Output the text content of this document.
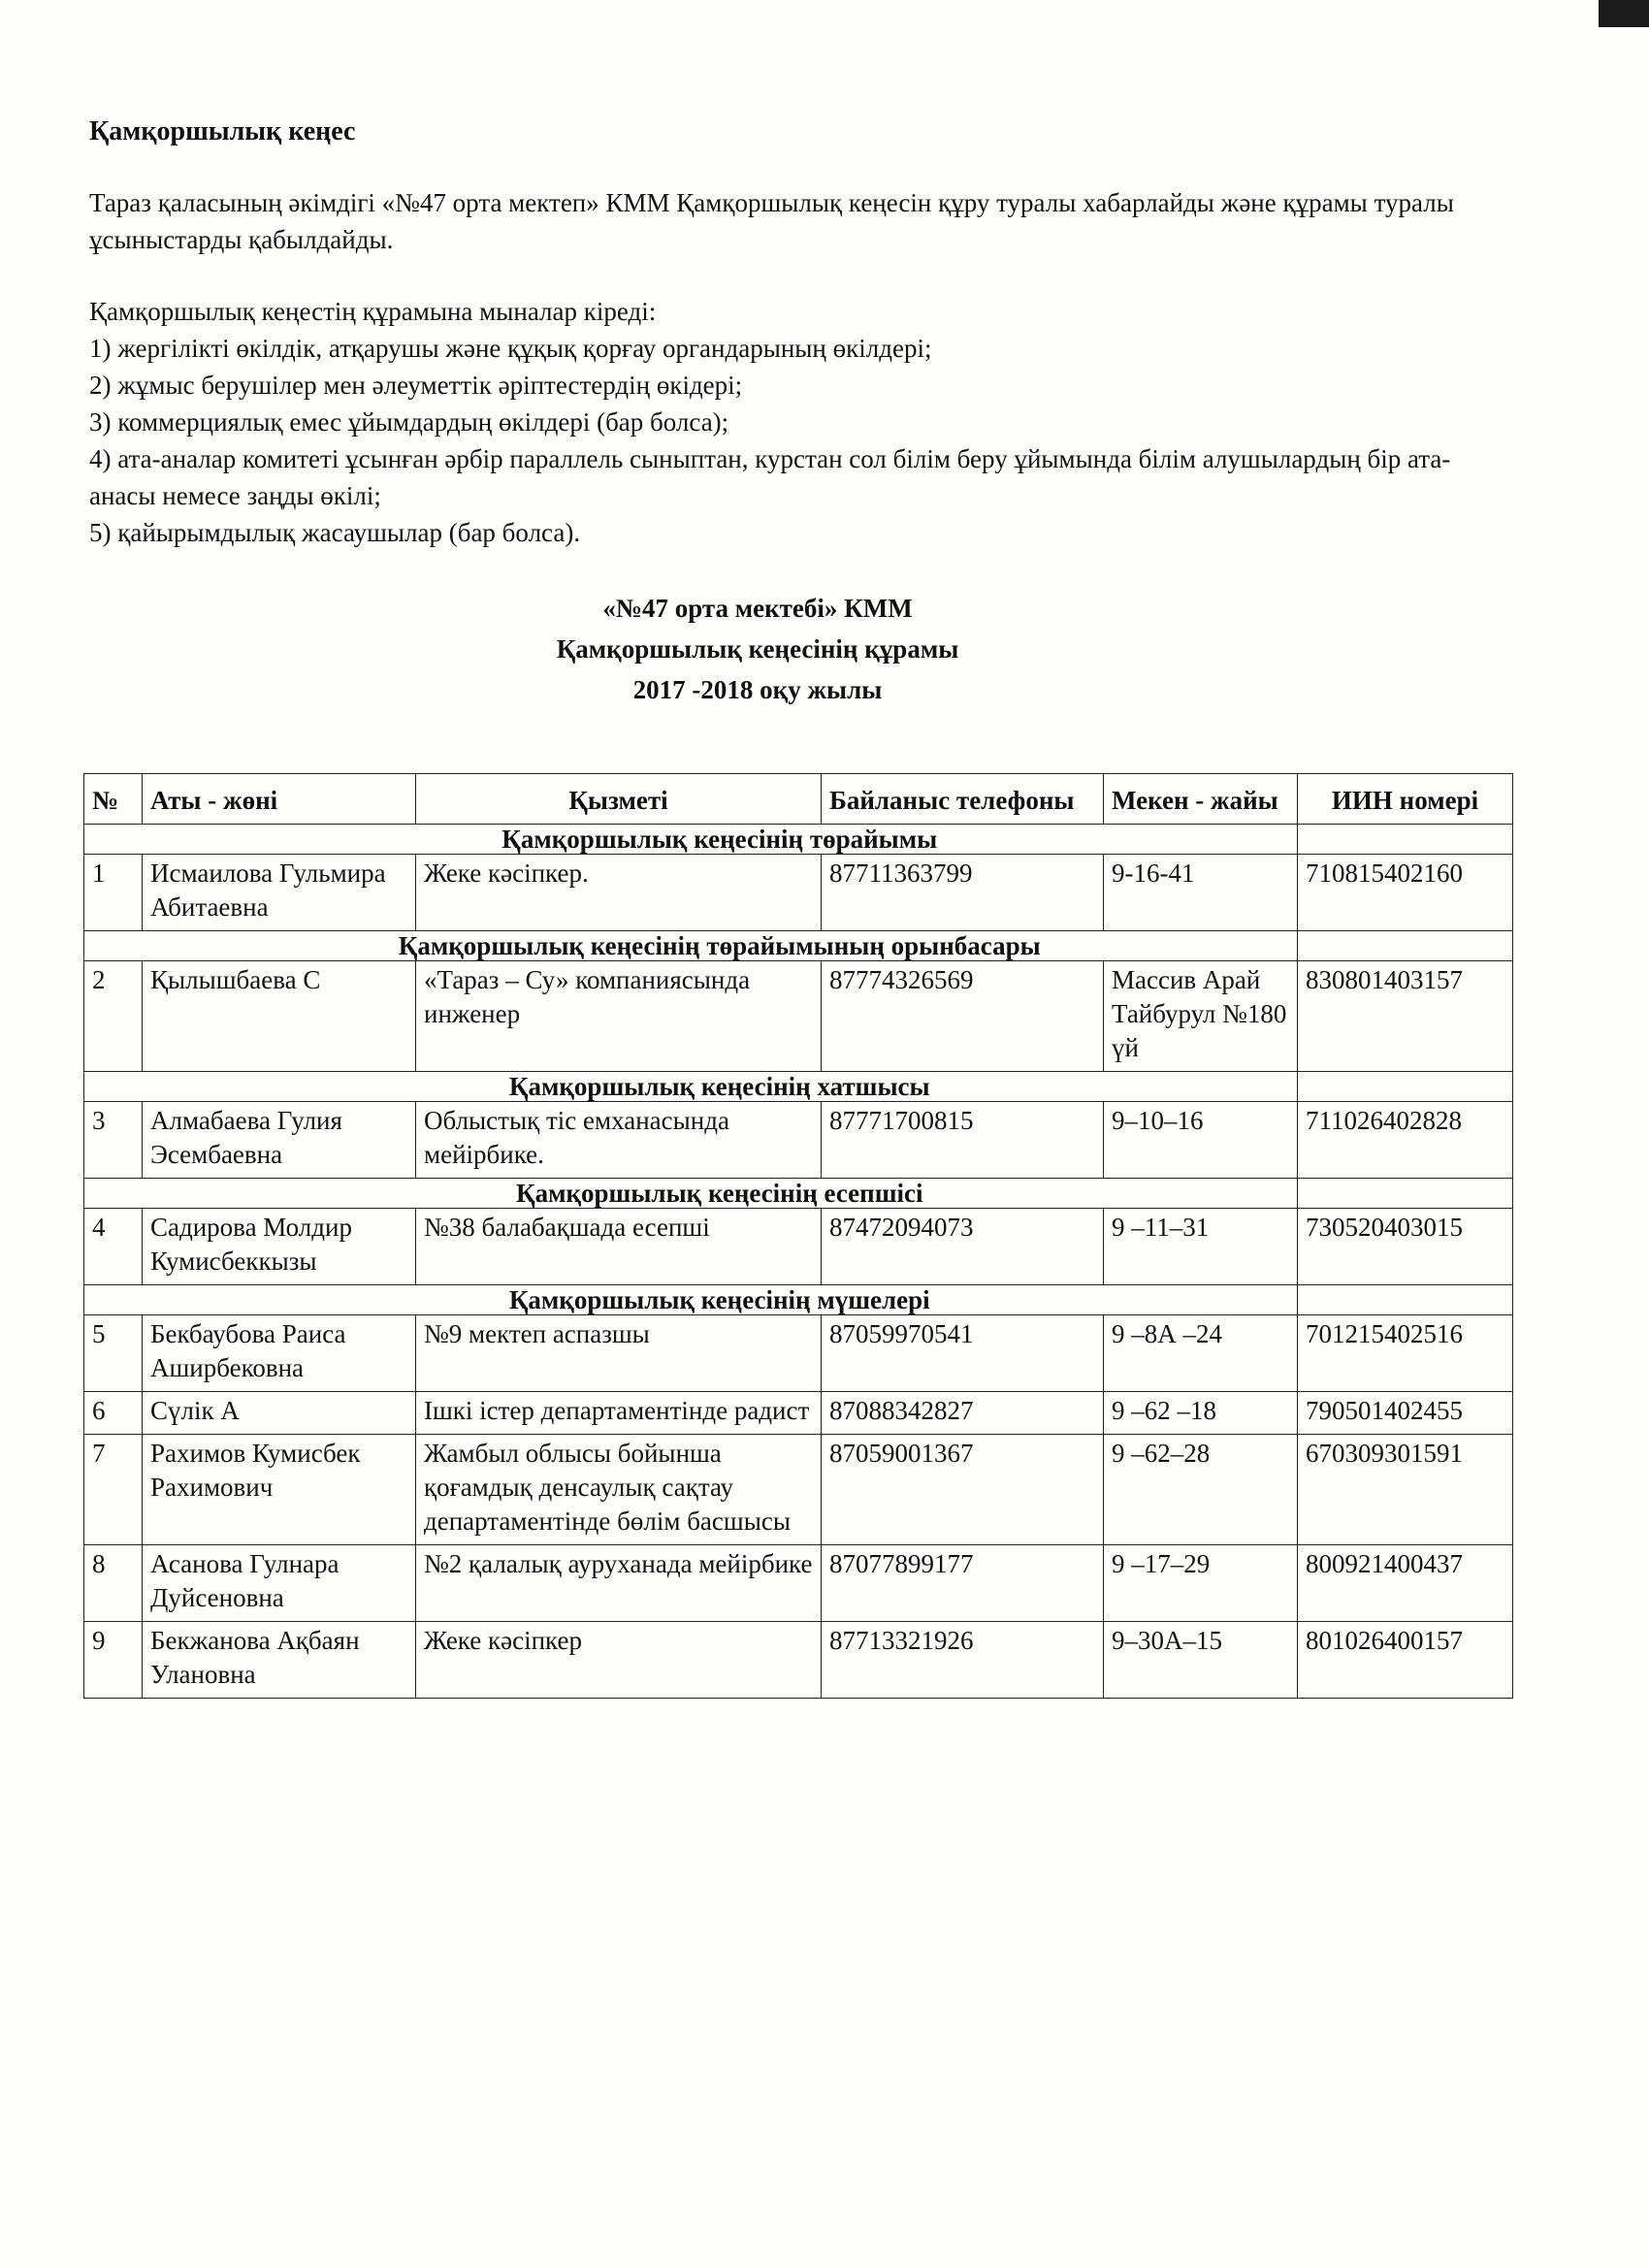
Қамқоршылық кеңес
Тараз қаласының әкімдігі «№47 орта мектеп» КММ Қамқоршылық кеңесін құру туралы хабарлайды және құрамы туралы ұсыныстарды қабылдайды.
Қамқоршылық кеңестің құрамына мыналар кіреді:
1) жергілікті өкілдік, атқарушы және құқық қорғау органдарының өкілдері;
2) жұмыс берушілер мен әлеуметтік әріптестердің өкідері;
3) коммерциялық емес ұйымдардың өкілдері (бар болса);
4) ата-аналар комитеті ұсынған әрбір параллель сыныптан, курстан сол білім беру ұйымында білім алушылардың бір ата-анасы немесе заңды өкілі;
5) қайырымдылық жасаушылар (бар болса).
«№47 орта мектебі» КММ
Қамқоршылық кеңесінің құрамы
2017 -2018 оқу жылы
№	Аты - жөні	Қызметі	Байланыс телефоны	Мекен - жайы	ИИН номері
	Қамқоршылық кеңесінің төрайымы				
1	Исмаилова Гульмира Абитаевна	Жеке кәсіпкер.	87711363799	9-16-41	710815402160
	Қамқоршылық кеңесінің төрайымының орынбасары				
2	Қылышбаева С	«Тараз – Су» компаниясында инженер	87774326569	Массив Арай Тайбурул №180 үй	830801403157
	Қамқоршылық кеңесінің хатшысы				
3	Алмабаева Гулия Эсембаевна	Облыстық тіс емханасында мейірбике.	87771700815	9–10–16	711026402828
	Қамқоршылық кеңесінің есепшісі				
4	Садирова Молдир Кумисбеккызы	№38 балабақшада есепші	87472094073	9 –11–31	730520403015
	Қамқоршылық кеңесінің мүшелері				
5	Бекбаубова Раиса Аширбековна	№9 мектеп аспазшы	87059970541	9 –8А –24	701215402516
6	Сүлік А	Ішкі істер департаментінде радист	87088342827	9 –62 –18	790501402455
7	Рахимов Кумисбек Рахимович	Жамбыл облысы бойынша қоғамдық денсаулық сақтау департаментінде бөлім басшысы	87059001367	9 –62–28	670309301591
8	Асанова Гулнара Дуйсеновна	№2 қалалық ауруханада мейірбике	87077899177	9 –17–29	800921400437
9	Бекжанова Ақбаян Улановна	Жеке кәсіпкер	87713321926	9–30А–15	801026400157
